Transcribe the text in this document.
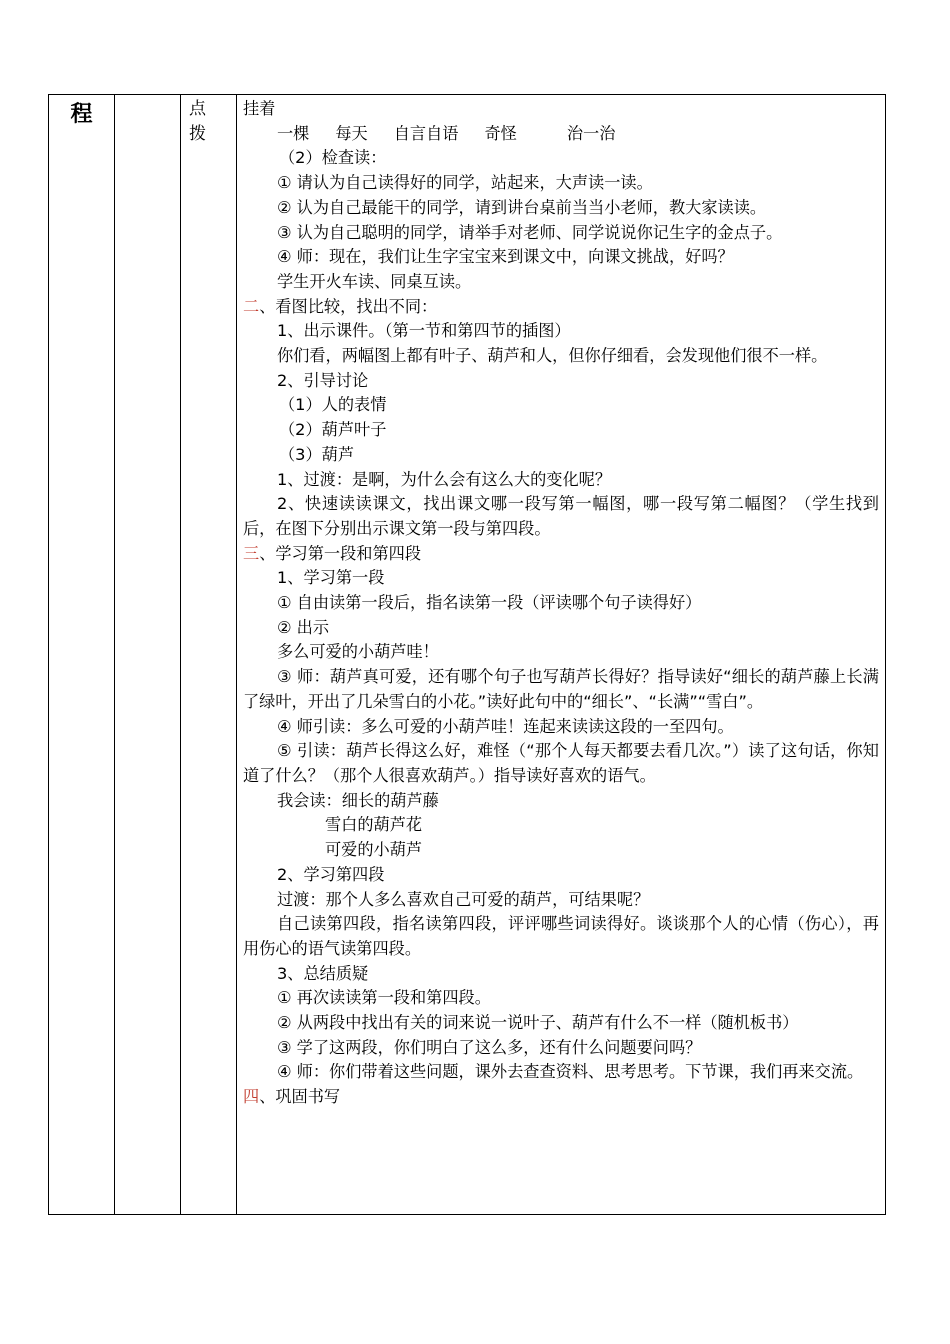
程		点
拨

挂着
一棵 每天 自言自语 奇怪	治一治
（2）检查读：
① 请认为自己读得好的同学，站起来，大声读一读。
② 认为自己最能干的同学，请到讲台桌前当当小老师，教大家读读。
③ 认为自己聪明的同学，请举手对老师、同学说说你记生字的金点子。
④ 师：现在，我们让生字宝宝来到课文中，向课文挑战，好吗？
学生开火车读、同桌互读。
二、看图比较，找出不同：
1、出示课件。（第一节和第四节的插图）
你们看，两幅图上都有叶子、葫芦和人，但你仔细看，会发现他们很不一样。
2、引导讨论
（1）人的表情
（2）葫芦叶子
（3）葫芦
1、过渡：是啊，为什么会有这么大的变化呢？
2、快速读读课文，找出课文哪一段写第一幅图，哪一段写第二幅图？（学生找到后，在图下分别出示课文第一段与第四段。
三、学习第一段和第四段
1、学习第一段
① 自由读第一段后，指名读第一段（评读哪个句子读得好）
② 出示
多么可爱的小葫芦哇！
③ 师：葫芦真可爱，还有哪个句子也写葫芦长得好？指导读好“细长的葫芦藤上长满了绿叶，开出了几朵雪白的小花。”读好此句中的“细长”、“长满”“雪白”。
④ 师引读：多么可爱的小葫芦哇！连起来读读这段的一至四句。
⑤ 引读：葫芦长得这么好，难怪（“那个人每天都要去看几次。”）读了这句话，你知道了什么？（那个人很喜欢葫芦。）指导读好喜欢的语气。
我会读：细长的葫芦藤
雪白的葫芦花
可爱的小葫芦
2、学习第四段
过渡：那个人多么喜欢自己可爱的葫芦，可结果呢？
自己读第四段，指名读第四段，评评哪些词读得好。谈谈那个人的心情（伤心），再用伤心的语气读第四段。
3、总结质疑
① 再次读读第一段和第四段。
② 从两段中找出有关的词来说一说叶子、葫芦有什么不一样（随机板书）
③ 学了这两段，你们明白了这么多，还有什么问题要问吗？
④ 师：你们带着这些问题，课外去查查资料、思考思考。下节课，我们再来交流。
四、巩固书写
